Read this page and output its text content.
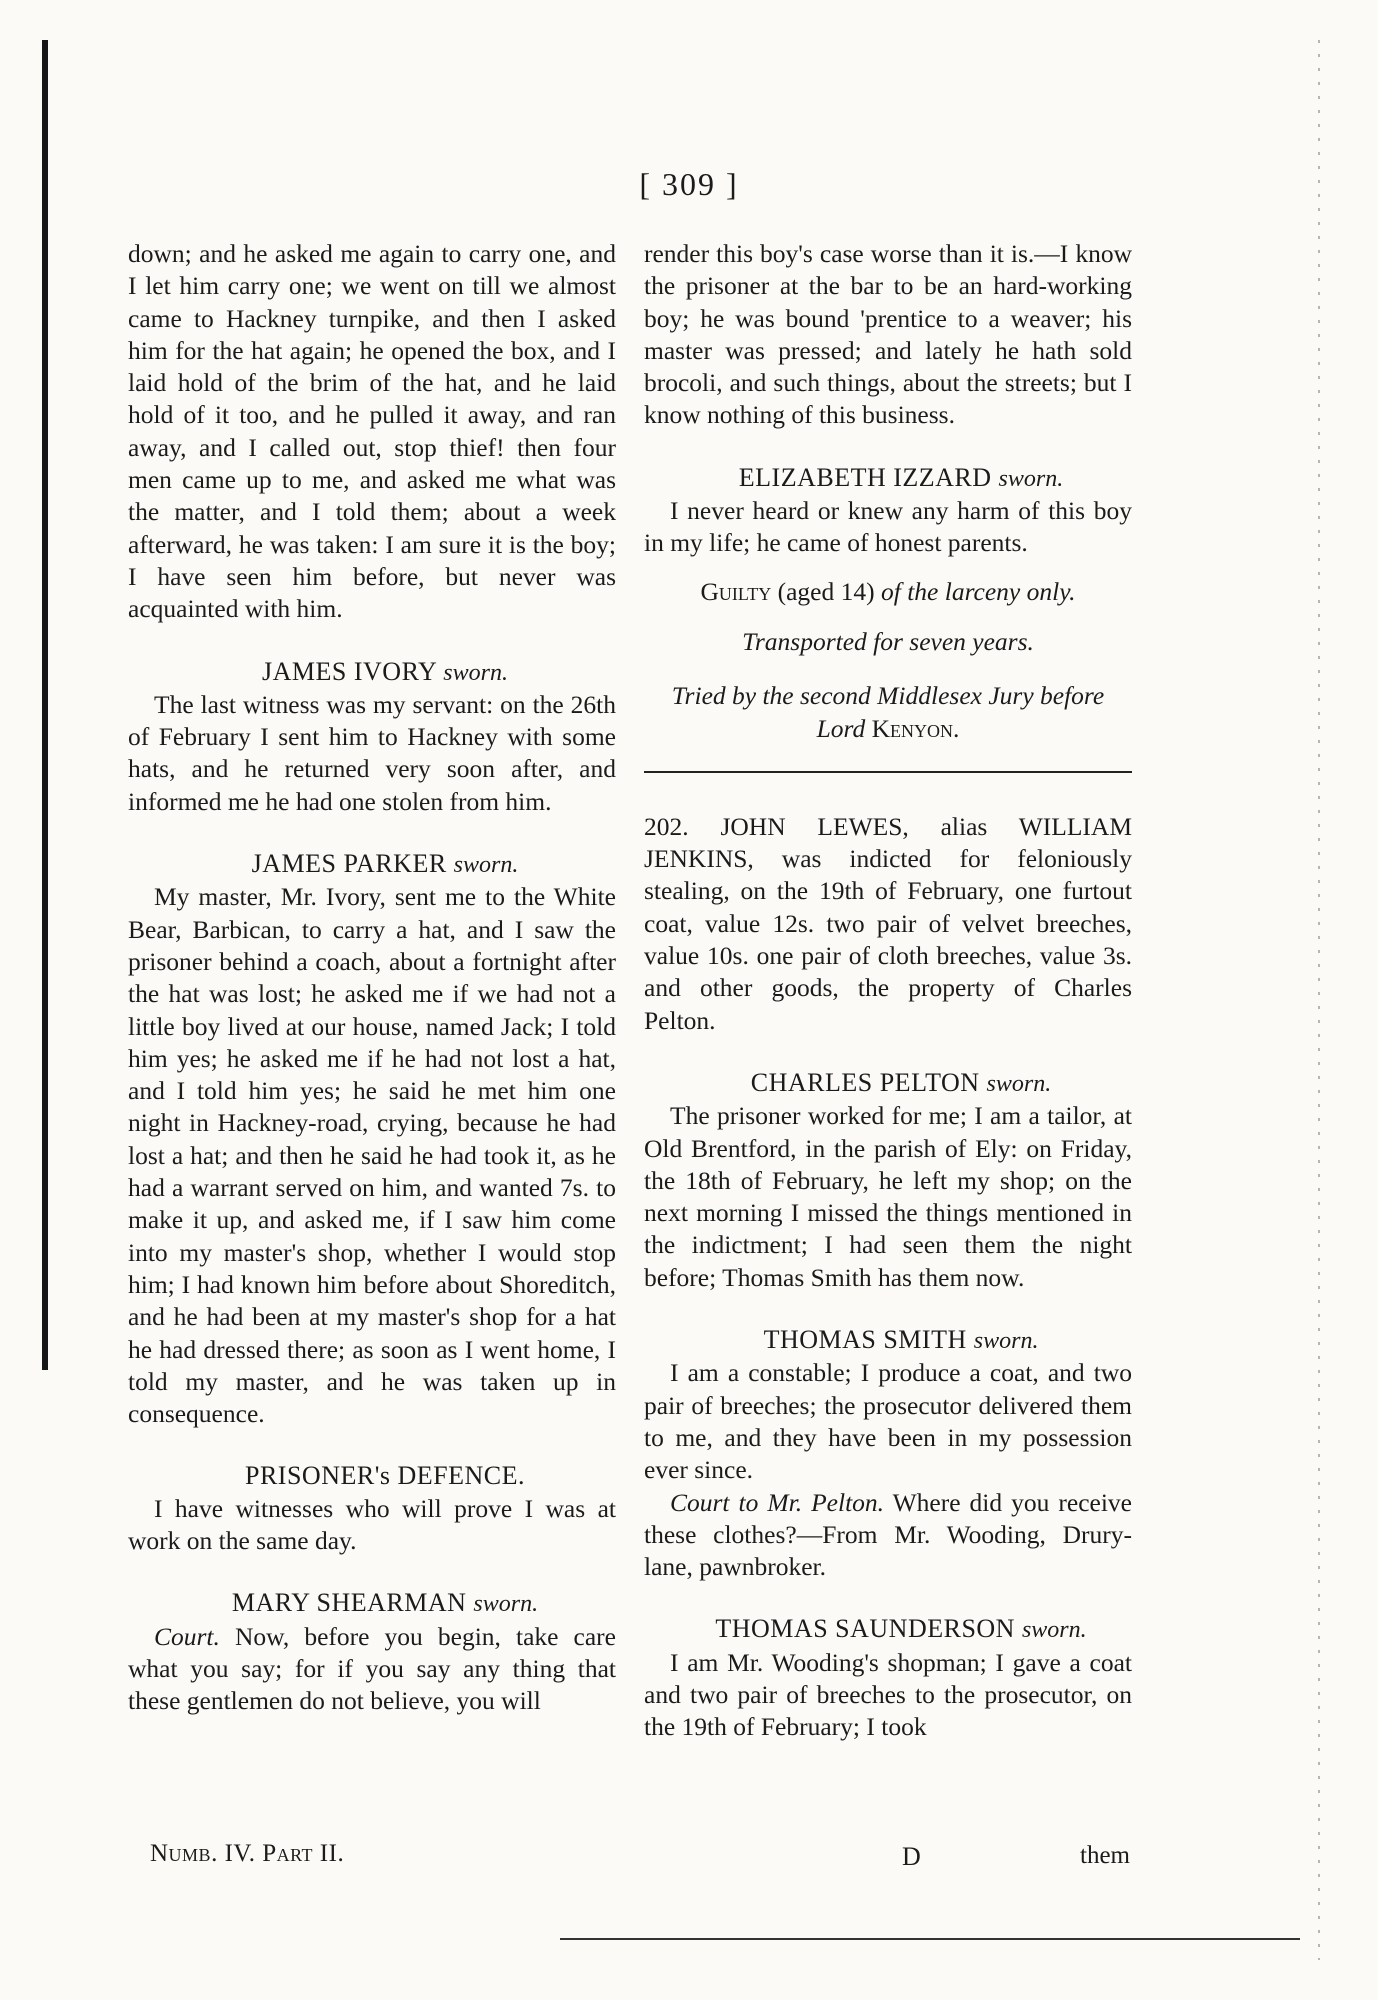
[ 309 ]

down; and he asked me again to carry one, and I let him carry one; we went on till we almost came to Hackney turnpike, and then I asked him for the hat again; he opened the box, and I laid hold of the brim of the hat, and he laid hold of it too, and he pulled it away, and ran away, and I called out, stop thief! then four men came up to me, and asked me what was the matter, and I told them; about a week afterward, he was taken: I am sure it is the boy; I have seen him before, but never was acquainted with him.

JAMES IVORY sworn.

The last witness was my servant: on the 26th of February I sent him to Hackney with some hats, and he returned very soon after, and informed me he had one stolen from him.

JAMES PARKER sworn.

My master, Mr. Ivory, sent me to the White Bear, Barbican, to carry a hat, and I saw the prisoner behind a coach, about a fortnight after the hat was lost; he asked me if we had not a little boy lived at our house, named Jack; I told him yes; he asked me if he had not lost a hat, and I told him yes; he said he met him one night in Hackney-road, crying, because he had lost a hat; and then he said he had took it, as he had a warrant served on him, and wanted 7s. to make it up, and asked me, if I saw him come into my master's shop, whether I would stop him; I had known him before about Shoreditch, and he had been at my master's shop for a hat he had dressed there; as soon as I went home, I told my master, and he was taken up in consequence.

PRISONER's DEFENCE.

I have witnesses who will prove I was at work on the same day.

MARY SHEARMAN sworn.

Court. Now, before you begin, take care what you say; for if you say any thing that these gentlemen do not believe, you will

render this boy's case worse than it is.—I know the prisoner at the bar to be an hard-working boy; he was bound 'prentice to a weaver; his master was pressed; and lately he hath sold brocoli, and such things, about the streets; but I know nothing of this business.

ELIZABETH IZZARD sworn.

I never heard or knew any harm of this boy in my life; he came of honest parents.

Guilty (aged 14) of the larceny only.

Transported for seven years.

Tried by the second Middlesex Jury before
Lord Kenyon.

202. JOHN LEWES, alias WILLIAM JENKINS, was indicted for feloniously stealing, on the 19th of February, one furtout coat, value 12s. two pair of velvet breeches, value 10s. one pair of cloth breeches, value 3s. and other goods, the property of Charles Pelton.

CHARLES PELTON sworn.

The prisoner worked for me; I am a tailor, at Old Brentford, in the parish of Ely: on Friday, the 18th of February, he left my shop; on the next morning I missed the things mentioned in the indictment; I had seen them the night before; Thomas Smith has them now.

THOMAS SMITH sworn.

I am a constable; I produce a coat, and two pair of breeches; the prosecutor delivered them to me, and they have been in my possession ever since.

Court to Mr. Pelton. Where did you receive these clothes?—From Mr. Wooding, Drury-lane, pawnbroker.

THOMAS SAUNDERSON sworn.

I am Mr. Wooding's shopman; I gave a coat and two pair of breeches to the prosecutor, on the 19th of February; I took

Numb. IV. Part II.	D	them
